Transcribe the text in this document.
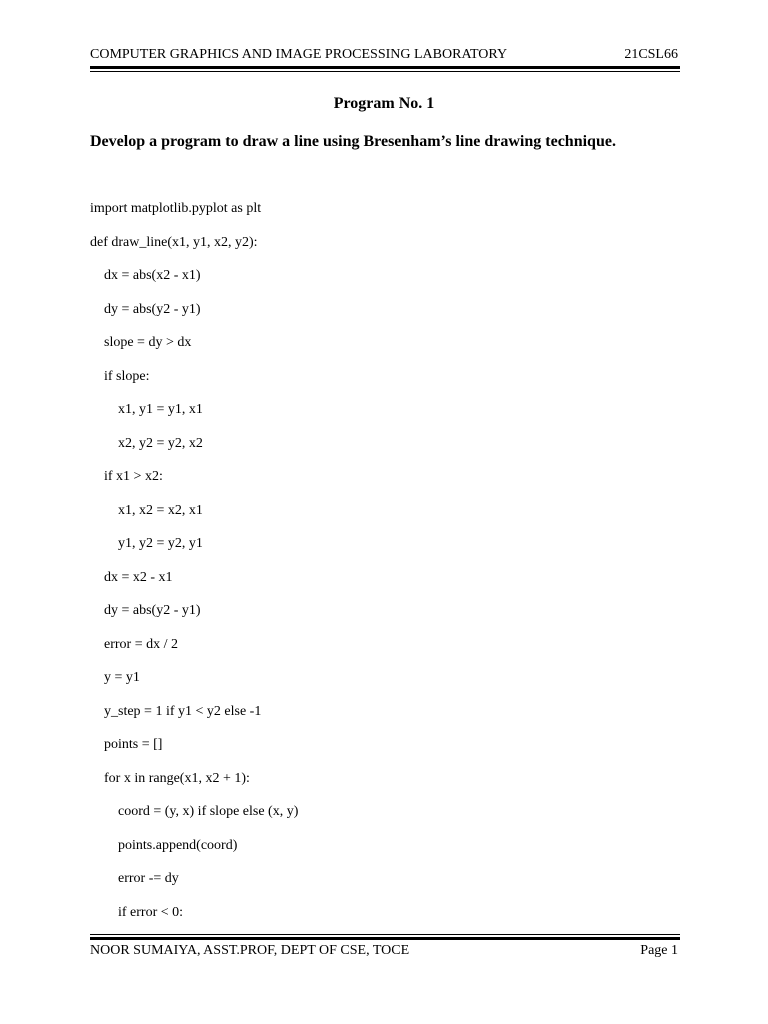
COMPUTER GRAPHICS AND IMAGE PROCESSING LABORATORY	21CSL66
Program No. 1
Develop a program to draw a line using Bresenham’s line drawing technique.
import matplotlib.pyplot as plt
def draw_line(x1, y1, x2, y2):
dx = abs(x2 - x1)
dy = abs(y2 - y1)
slope = dy > dx
if slope:
x1, y1 = y1, x1
x2, y2 = y2, x2
if x1 > x2:
x1, x2 = x2, x1
y1, y2 = y2, y1
dx = x2 - x1
dy = abs(y2 - y1)
error = dx / 2
y = y1
y_step = 1 if y1 < y2 else -1
points = []
for x in range(x1, x2 + 1):
coord = (y, x) if slope else (x, y)
points.append(coord)
error -= dy
if error < 0:
NOOR SUMAIYA, ASST.PROF, DEPT OF CSE, TOCE	Page 1
